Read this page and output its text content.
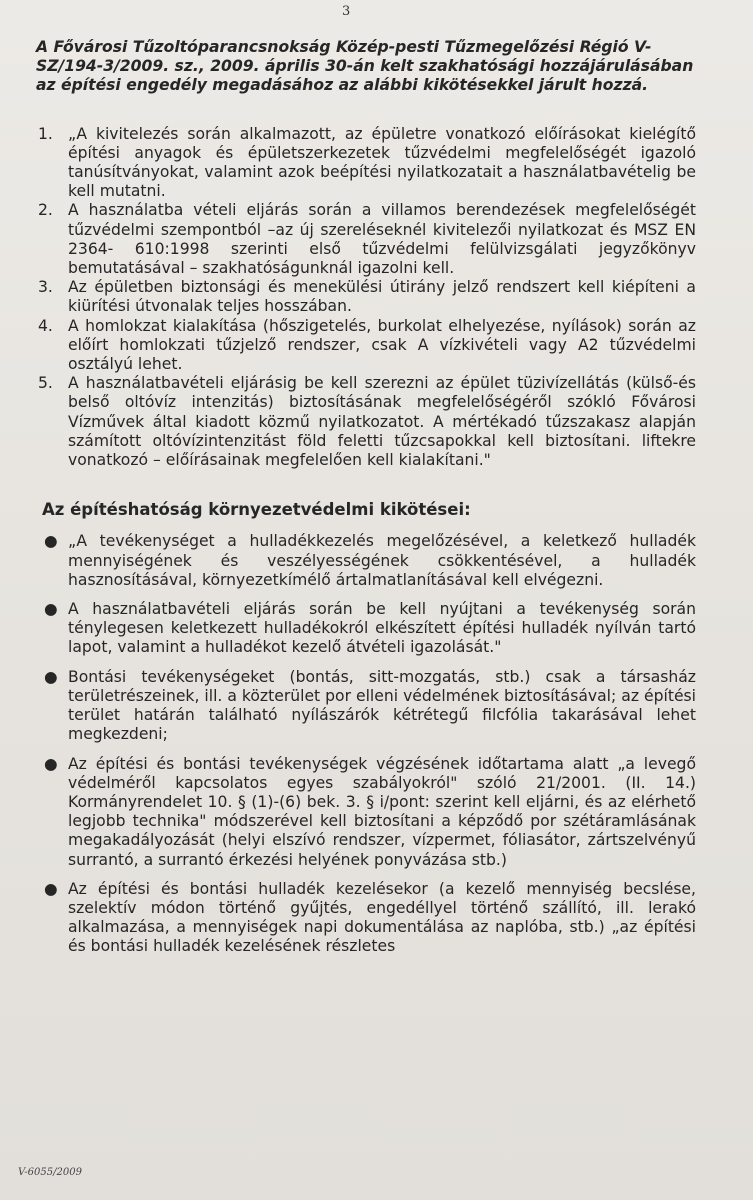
3

A Fővárosi Tűzoltóparancsnokság Közép-pesti Tűzmegelőzési Régió V-SZ/194-3/2009. sz., 2009. április 30-án kelt szakhatósági hozzájárulásában az építési engedély megadásához az alábbi kikötésekkel járult hozzá.

1. „A kivitelezés során alkalmazott, az épületre vonatkozó előírásokat kielégítő építési anyagok és épületszerkezetek tűzvédelmi megfelelőségét igazoló tanúsítványokat, valamint azok beépítési nyilatkozatait a használatbavételig be kell mutatni.
2. A használatba vételi eljárás során a villamos berendezések megfelelőségét tűzvédelmi szempontból –az új szereléseknél kivitelezői nyilatkozat és MSZ EN 2364- 610:1998 szerinti első tűzvédelmi felülvizsgálati jegyzőkönyv bemutatásával – szakhatóságunknál igazolni kell.
3. Az épületben biztonsági és menekülési útirány jelző rendszert kell kiépíteni a kiürítési útvonalak teljes hosszában.
4. A homlokzat kialakítása (hőszigetelés, burkolat elhelyezése, nyílások) során az előírt homlokzati tűzjelző rendszer, csak A vízkivételi vagy A2 tűzvédelmi osztályú lehet.
5. A használatbavételi eljárásig be kell szerezni az épület tüzivízellátás (külső-és belső oltóvíz intenzitás) biztosításának megfelelőségéről szókló Fővárosi Vízművek által kiadott közmű nyilatkozatot. A mértékadó tűzszakasz alapján számított oltóvízintenzitást föld feletti tűzcsapokkal kell biztosítani. liftekre vonatkozó – előírásainak megfelelően kell kialakítani."
Az építéshatóság környezetvédelmi kikötései:
● „A tevékenységet a hulladékkezelés megelőzésével, a keletkező hulladék mennyiségének és veszélyességének csökkentésével, a hulladék hasznosításával, környezetkímélő ártalmatlanításával kell elvégezni.
● A használatbavételi eljárás során be kell nyújtani a tevékenység során ténylegesen keletkezett hulladékokról elkészített építési hulladék nyílván tartó lapot, valamint a hulladékot kezelő átvételi igazolását."
● Bontási tevékenységeket (bontás, sitt-mozgatás, stb.) csak a társasház területrészeinek, ill. a közterület por elleni védelmének biztosításával; az építési terület határán található nyílászárók kétrétegű filcfólia takarásával lehet megkezdeni;
● Az építési és bontási tevékenységek végzésének időtartama alatt „a levegő védelméről kapcsolatos egyes szabályokról" szóló 21/2001. (II. 14.) Kormányrendelet 10. § (1)-(6) bek. 3. § i/pont: szerint kell eljárni, és az elérhető legjobb technika" módszerével kell biztosítani a képződő por szétáramlásának megakadályozását (helyi elszívó rendszer, vízpermet, fóliasátor, zártszelvényű surrantó, a surrantó érkezési helyének ponyvázása stb.)
● Az építési és bontási hulladék kezelésekor (a kezelő mennyiség becslése, szelektív módon történő gyűjtés, engedéllyel történő szállító, ill. lerakó alkalmazása, a mennyiségek napi dokumentálása az naplóba, stb.) „az építési és bontási hulladék kezelésének részletes
V-6055/2009
